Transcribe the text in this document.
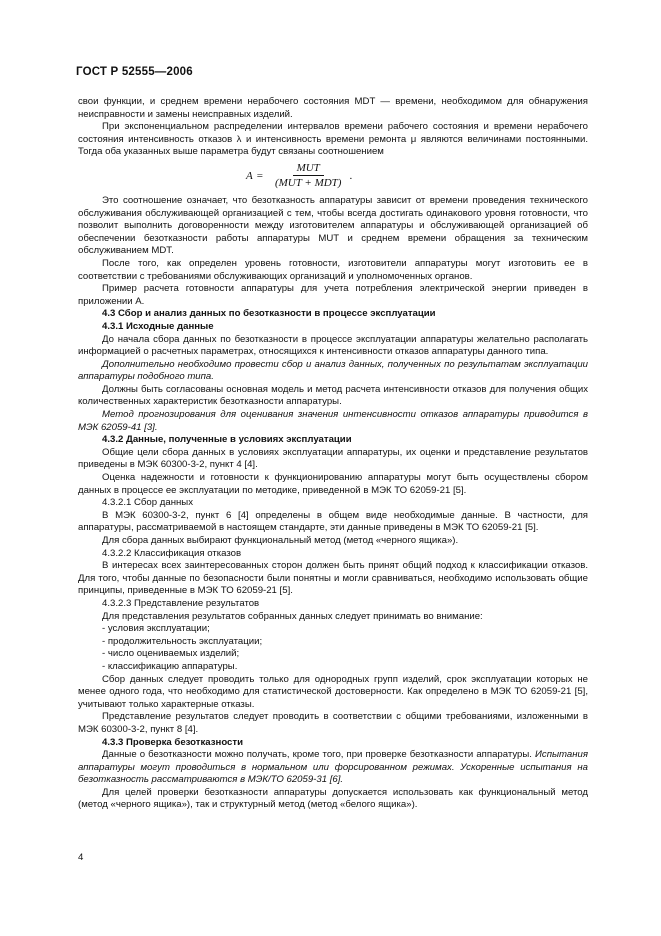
ГОСТ Р 52555—2006

свои функции, и среднем времени нерабочего состояния MDT — времени, необходимом для обнаружения неисправности и замены неисправных изделий.

При экспоненциальном распределении интервалов времени рабочего состояния и времени нерабочего состояния интенсивность отказов λ и интенсивность времени ремонта μ являются величинами постоянными. Тогда оба указанных выше параметра будут связаны соотношением

$A = \frac{\text{MUT}}{\text{(MUT + MDT)}}$ .

Это соотношение означает, что безотказность аппаратуры зависит от времени проведения технического обслуживания обслуживающей организацией с тем, чтобы всегда достигать одинакового уровня готовности, что позволит выполнить договоренности между изготовителем аппаратуры и обслуживающей организацией об обеспечении безотказности работы аппаратуры MUT и среднем времени обращения за техническим обслуживанием MDT.

После того, как определен уровень готовности, изготовители аппаратуры могут изготовить ее в соответствии с требованиями обслуживающих организаций и уполномоченных органов.

Пример расчета готовности аппаратуры для учета потребления электрической энергии приведен в приложении А.

4.3 Сбор и анализ данных по безотказности в процессе эксплуатации

4.3.1 Исходные данные

До начала сбора данных по безотказности в процессе эксплуатации аппаратуры желательно располагать информацией о расчетных параметрах, относящихся к интенсивности отказов аппаратуры данного типа.

Дополнительно необходимо провести сбор и анализ данных, полученных по результатам эксплуатации аппаратуры подобного типа.

Должны быть согласованы основная модель и метод расчета интенсивности отказов для получения общих количественных характеристик безотказности аппаратуры.

Метод прогнозирования для оценивания значения интенсивности отказов аппаратуры приводится в МЭК 62059-41 [3].

4.3.2 Данные, полученные в условиях эксплуатации

Общие цели сбора данных в условиях эксплуатации аппаратуры, их оценки и представление результатов приведены в МЭК 60300-3-2, пункт 4 [4].

Оценка надежности и готовности к функционированию аппаратуры могут быть осуществлены сбором данных в процессе ее эксплуатации по методике, приведенной в МЭК ТО 62059-21 [5].

4.3.2.1 Сбор данных

В МЭК 60300-3-2, пункт 6 [4] определены в общем виде необходимые данные. В частности, для аппаратуры, рассматриваемой в настоящем стандарте, эти данные приведены в МЭК ТО 62059-21 [5].

Для сбора данных выбирают функциональный метод (метод «черного ящика»).

4.3.2.2 Классификация отказов

В интересах всех заинтересованных сторон должен быть принят общий подход к классификации отказов. Для того, чтобы данные по безопасности были понятны и могли сравниваться, необходимо использовать общие принципы, приведенные в МЭК ТО 62059-21 [5].

4.3.2.3 Представление результатов

Для представления результатов собранных данных следует принимать во внимание:

- условия эксплуатации;

- продолжительность эксплуатации;

- число оцениваемых изделий;

- классификацию аппаратуры.

Сбор данных следует проводить только для однородных групп изделий, срок эксплуатации которых не менее одного года, что необходимо для статистической достоверности. Как определено в МЭК ТО 62059-21 [5], учитывают только характерные отказы.

Представление результатов следует проводить в соответствии с общими требованиями, изложенными в МЭК 60300-3-2, пункт 8 [4].

4.3.3 Проверка безотказности

Данные о безотказности можно получать, кроме того, при проверке безотказности аппаратуры. Испытания аппаратуры могут проводиться в нормальном или форсированном режимах. Ускоренные испытания на безотказность рассматриваются в МЭК/ТО 62059-31 [6].

Для целей проверки безотказности аппаратуры допускается использовать как функциональный метод (метод «черного ящика»), так и структурный метод (метод «белого ящика»).

4
